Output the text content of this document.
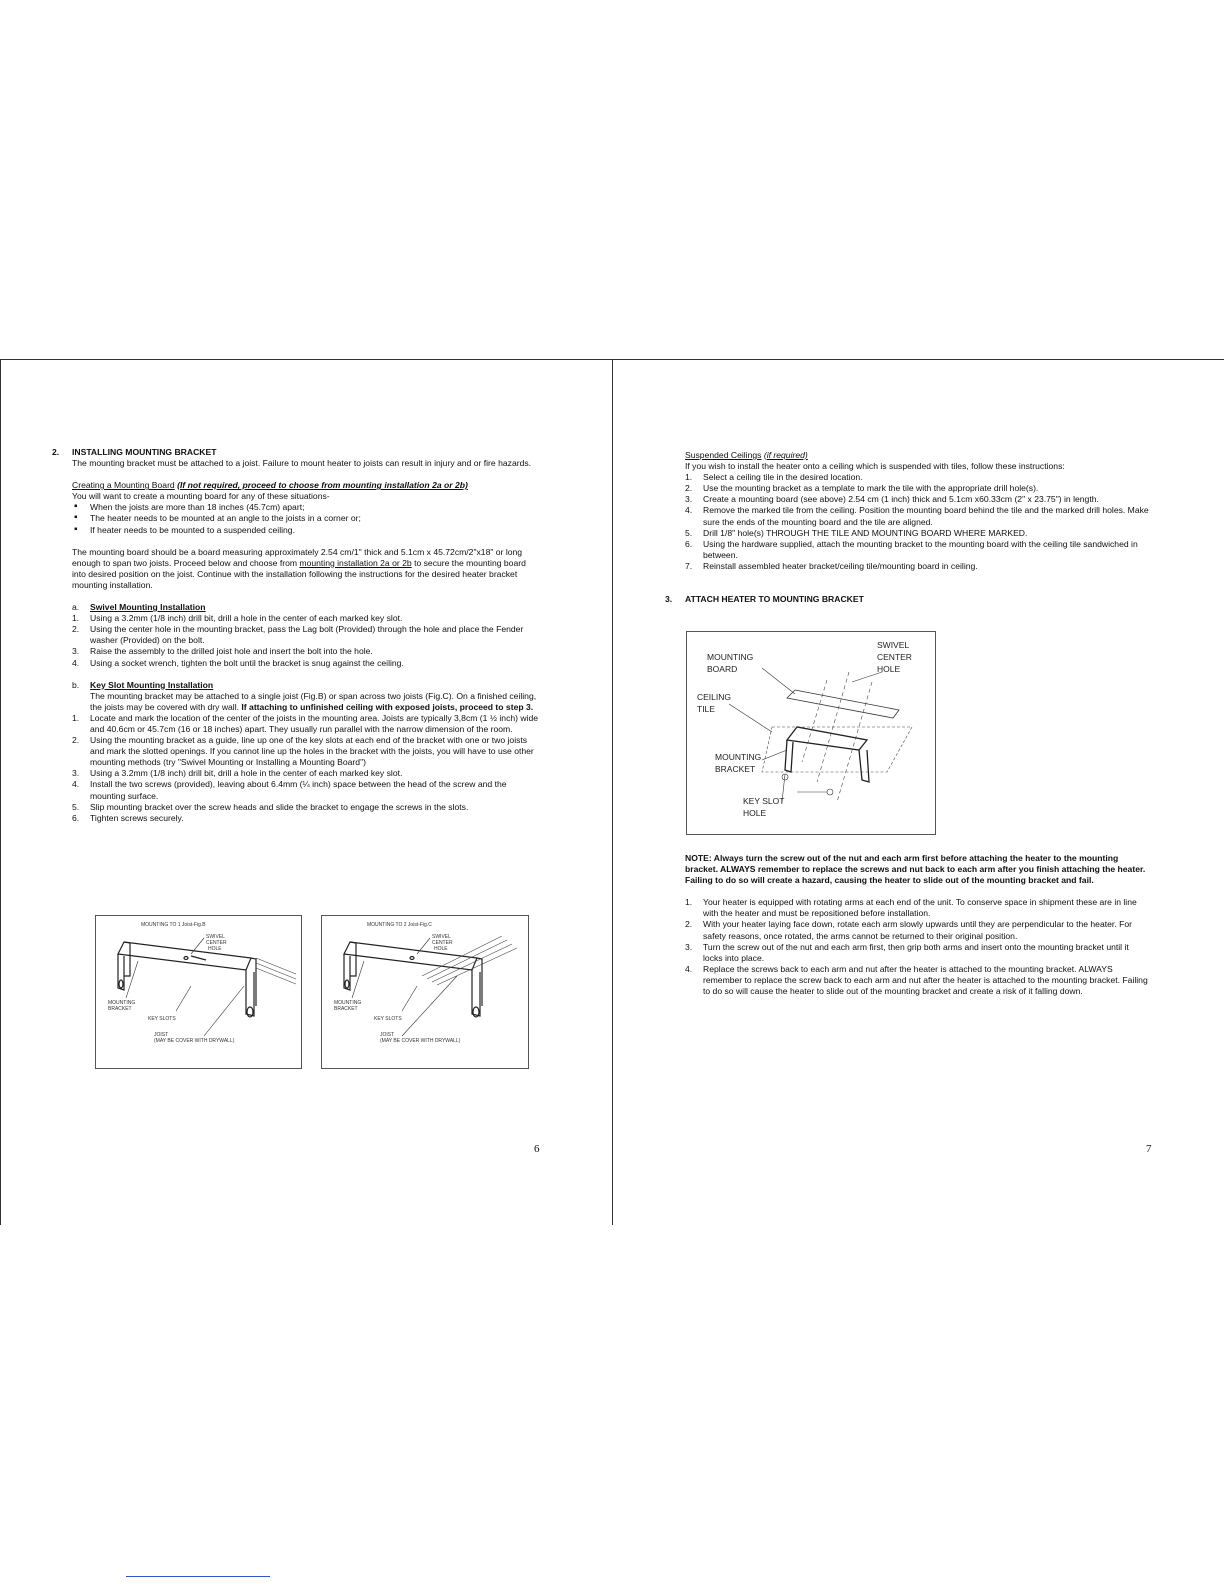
2. INSTALLING MOUNTING BRACKET

The mounting bracket must be attached to a joist. Failure to mount heater to joists can result in injury and or fire hazards.

Creating a Mounting Board (If not required, proceed to choose from mounting installation 2a or 2b)

You will want to create a mounting board for any of these situations-

▪ When the joists are more than 18 inches (45.7cm) apart;
▪ The heater needs to be mounted at an angle to the joists in a corner or;
▪ If heater needs to be mounted to a suspended ceiling.

The mounting board should be a board measuring approximately 2.54 cm/1" thick and 5.1cm x 45.72cm/2"x18" or long enough to span two joists. Proceed below and choose from mounting installation 2a or 2b to secure the mounting board into desired position on the joist. Continue with the installation following the instructions for the desired heater bracket mounting installation.

a. Swivel Mounting Installation
1. Using a 3.2mm (1/8 inch) drill bit, drill a hole in the center of each marked key slot.
2. Using the center hole in the mounting bracket, pass the Lag bolt (Provided) through the hole and place the Fender washer (Provided) on the bolt.
3. Raise the assembly to the drilled joist hole and insert the bolt into the hole.
4. Using a socket wrench, tighten the bolt until the bracket is snug against the ceiling.
b. Key Slot Mounting Installation
The mounting bracket may be attached to a single joist (Fig.B) or span across two joists (Fig.C). On a finished ceiling, the joists may be covered with dry wall. If attaching to unfinished ceiling with exposed joists, proceed to step 3.
1. Locate and mark the location of the center of the joists in the mounting area. Joists are typically 3,8cm (1 ½ inch) wide and 40.6cm or 45.7cm (16 or 18 inches) apart. They usually run parallel with the narrow dimension of the room.
2. Using the mounting bracket as a guide, line up one of the key slots at each end of the bracket with one or two joists and mark the slotted openings. If you cannot line up the holes in the bracket with the joists, you will have to use other mounting methods (try "Swivel Mounting or Installing a Mounting Board")
3. Using a 3.2mm (1/8 inch) drill bit, drill a hole in the center of each marked key slot.
4. Install the two screws (provided), leaving about 6.4mm (¼ inch) space between the head of the screw and the mounting surface.
5. Slip mounting bracket over the screw heads and slide the bracket to engage the screws in the slots.
6. Tighten screws securely.
MOUNTING TO 1 Joist-Fig.B
SWIVEL
CENTER
HOLE
MOUNTING
BRACKET
KEY SLOTS
JOIST
(MAY BE COVER WITH DRYWALL)
MOUNTING TO 2 Joist-Fig.C
SWIVEL
CENTER
HOLE
MOUNTING
BRACKET
KEY SLOTS
JOIST
(MAY BE COVER WITH DRYWALL)
6

Suspended Ceilings (if required)

If you wish to install the heater onto a ceiling which is suspended with tiles, follow these instructions:

1. Select a ceiling tile in the desired location.
2. Use the mounting bracket as a template to mark the tile with the appropriate drill hole(s).
3. Create a mounting board (see above) 2.54 cm (1 inch) thick and 5.1cm x60.33cm (2" x 23.75") in length.
4. Remove the marked tile from the ceiling. Position the mounting board behind the tile and the marked drill holes. Make sure the ends of the mounting board and the tile are aligned.
5. Drill 1/8" hole(s) THROUGH THE TILE AND MOUNTING BOARD WHERE MARKED.
6. Using the hardware supplied, attach the mounting bracket to the mounting board with the ceiling tile sandwiched in between.
7. Reinstall assembled heater bracket/ceiling tile/mounting board in ceiling.

3. ATTACH HEATER TO MOUNTING BRACKET

MOUNTING
BOARD
SWIVEL
CENTER
HOLE
CEILING
TILE
MOUNTING
BRACKET
KEY SLOT
HOLE

NOTE: Always turn the screw out of the nut and each arm first before attaching the heater to the mounting bracket. ALWAYS remember to replace the screws and nut back to each arm after you finish attaching the heater. Failing to do so will create a hazard, causing the heater to slide out of the mounting bracket and fail.

1. Your heater is equipped with rotating arms at each end of the unit. To conserve space in shipment these are in line with the heater and must be repositioned before installation.
2. With your heater laying face down, rotate each arm slowly upwards until they are perpendicular to the heater. For safety reasons, once rotated, the arms cannot be returned to their original position.
3. Turn the screw out of the nut and each arm first, then grip both arms and insert onto the mounting bracket until it locks into place.
4. Replace the screws back to each arm and nut after the heater is attached to the mounting bracket. ALWAYS remember to replace the screw back to each arm and nut after the heater is attached to the mounting bracket. Failing to do so will cause the heater to slide out of the mounting bracket and create a risk of it falling down.
7
